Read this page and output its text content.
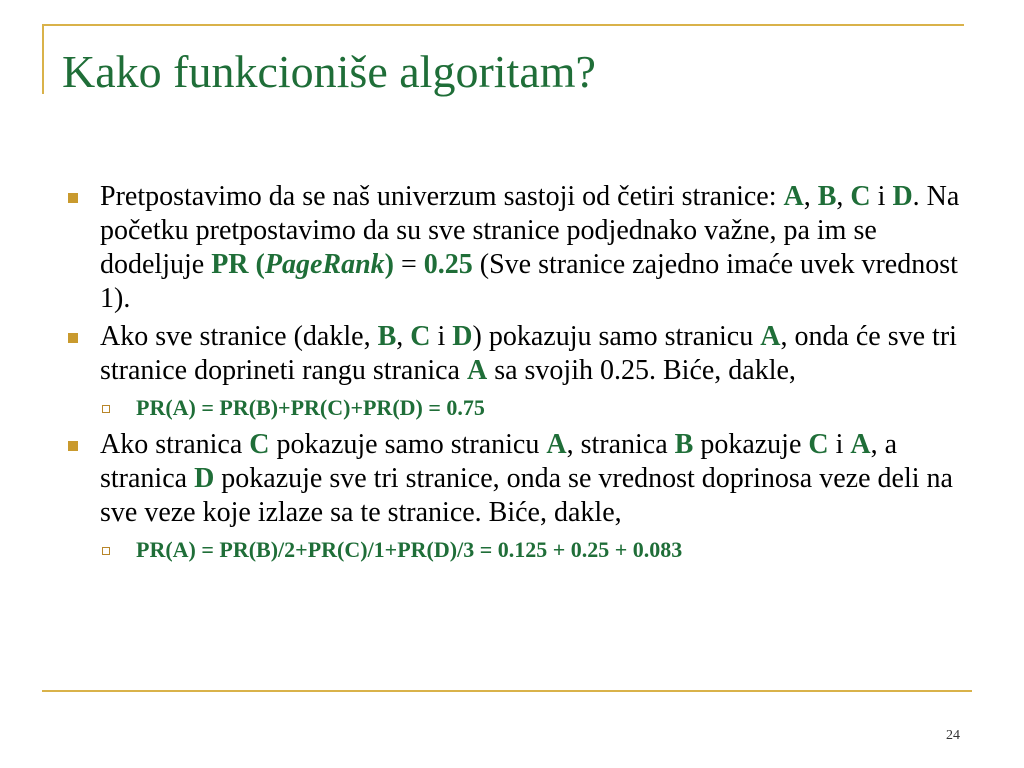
Kako funkcioniše algoritam?
Pretpostavimo da se naš univerzum sastoji od četiri stranice: A, B, C i D. Na početku pretpostavimo da su sve stranice podjednako važne, pa im se dodeljuje PR (PageRank) = 0.25 (Sve stranice zajedno imaće uvek vrednost 1).
Ako sve stranice (dakle, B, C i D) pokazuju samo stranicu A, onda će sve tri stranice doprineti rangu stranica A sa svojih 0.25. Biće, dakle,
PR(A) = PR(B)+PR(C)+PR(D) = 0.75
Ako stranica C pokazuje samo stranicu A, stranica B pokazuje C i A, a stranica D pokazuje sve tri stranice, onda se vrednost doprinosa veze deli na sve veze koje izlaze sa te stranice. Biće, dakle,
PR(A) = PR(B)/2+PR(C)/1+PR(D)/3 = 0.125 + 0.25 + 0.083
24
